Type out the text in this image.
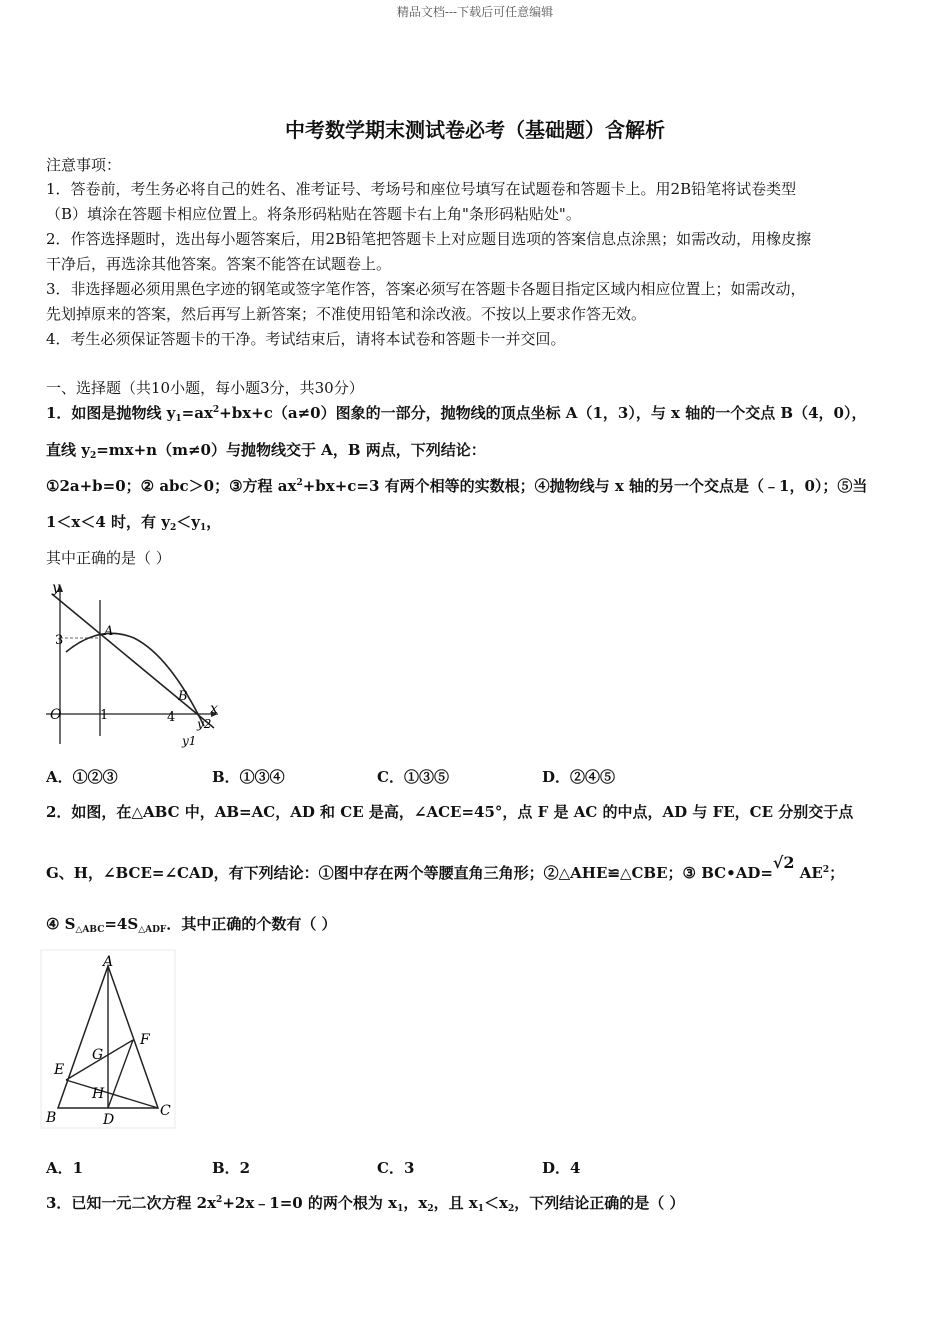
精品文档---下载后可任意编辑
中考数学期末测试卷必考（基础题）含解析
注意事项：
1．答卷前，考生务必将自己的姓名、准考证号、考场号和座位号填写在试题卷和答题卡上。用2B铅笔将试卷类型
（B）填涂在答题卡相应位置上。将条形码粘贴在答题卡右上角"条形码粘贴处"。
2．作答选择题时，选出每小题答案后，用2B铅笔把答题卡上对应题目选项的答案信息点涂黑；如需改动，用橡皮擦
干净后，再选涂其他答案。答案不能答在试题卷上。
3．非选择题必须用黑色字迹的钢笔或签字笔作答，答案必须写在答题卡各题目指定区域内相应位置上；如需改动，
先划掉原来的答案，然后再写上新答案；不准使用铅笔和涂改液。不按以上要求作答无效。
4．考生必须保证答题卡的干净。考试结束后，请将本试卷和答题卡一并交回。
一、选择题（共10小题，每小题3分，共30分）
1．如图是抛物线 $y_1=ax^2+bx+c(a\ne 0)$图象的一部分，抛物线的顶点坐标 A（1，3），与 x 轴的一个交点 B（4，0），
直线 $y_2=mx+n(m\ne 0)$与抛物线交于 A，B 两点，下列结论：
①2a+b=0；② abc＞0；③方程 $ax^2+bx+c=3$ 有两个相等的实数根；④抛物线与 x 轴的另一个交点是（﹣1，0）；⑤当
1＜x＜4 时，有 $y_2<y_1$，
其中正确的是（ ）
y
x
O	1
3
4
A
B
y2
y1
A．①②③	B．①③④	C．①③⑤	D．②④⑤
2．如图，在△ABC 中，AB=AC，AD 和 CE 是高，∠ACE=45°，点 F 是 AC 的中点，AD 与 FE，CE 分别交于点
G、H，∠BCE=∠CAD，有下列结论：①图中存在两个等腰直角三角形；②△AHE≌△CBE；③ BC•AD=√2 $AE^2$；
④ $S_{\triangle ABC}=4S_{\triangle ADF}$．其中正确的个数有（ ）
A
B	C
D
E
F
G
H
A．1	B．2	C．3	D．4
3．已知一元二次方程 $2x^2+2x﹣1=0$ 的两个根为 $x_1$，$x_2$，且 $x_1<x_2$，下列结论正确的是（ ）
